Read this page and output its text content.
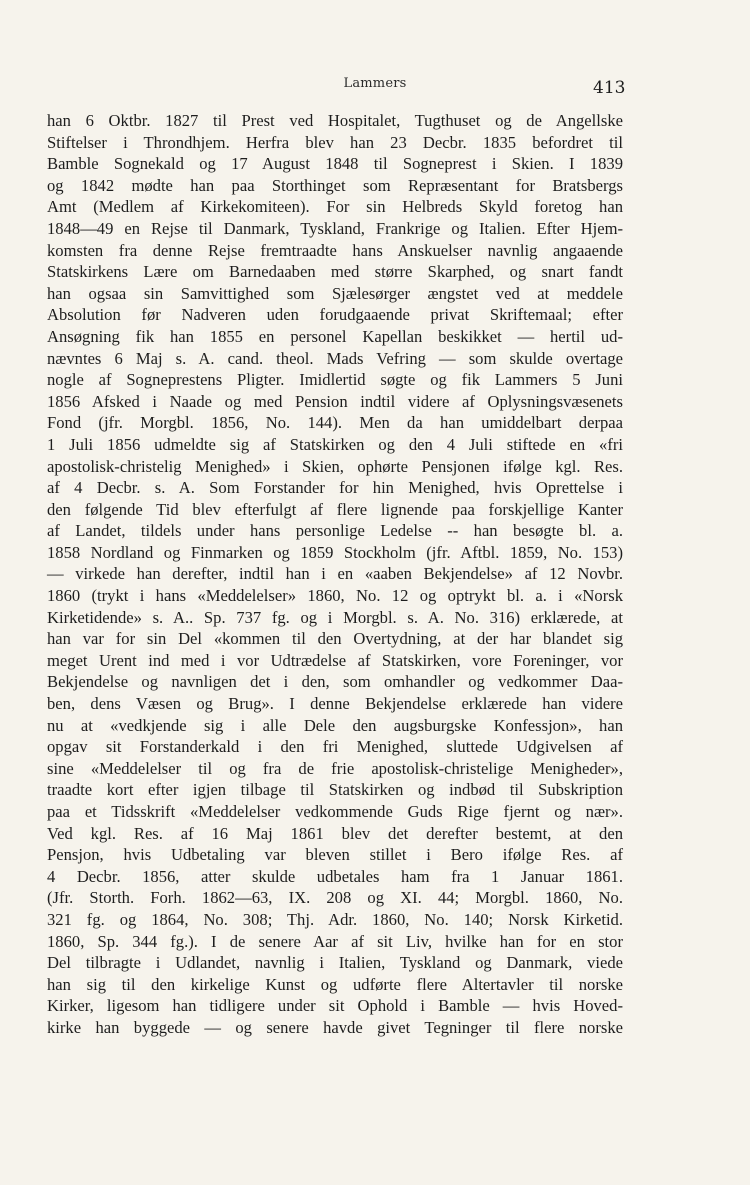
Lammers	413
han 6 Oktbr. 1827 til Prest ved Hospitalet, Tugthuset og de Angellske
Stiftelser i Throndhjem. Herfra blev han 23 Decbr. 1835 befordret til
Bamble Sognekald og 17 August 1848 til Sogneprest i Skien. I 1839
og 1842 mødte han paa Storthinget som Repræsentant for Bratsbergs
Amt (Medlem af Kirkekomiteen). For sin Helbreds Skyld foretog han
1848—49 en Rejse til Danmark, Tyskland, Frankrige og Italien. Efter Hjem-
komsten fra denne Rejse fremtraadte hans Anskuelser navnlig angaaende
Statskirkens Lære om Barnedaaben med større Skarphed, og snart fandt
han ogsaa sin Samvittighed som Sjælesørger ængstet ved at meddele
Absolution før Nadveren uden forudgaaende privat Skriftemaal; efter
Ansøgning fik han 1855 en personel Kapellan beskikket — hertil ud-
nævntes 6 Maj s. A. cand. theol. Mads Vefring — som skulde overtage
nogle af Sogneprestens Pligter. Imidlertid søgte og fik Lammers 5 Juni
1856 Afsked i Naade og med Pension indtil videre af Oplysningsvæsenets
Fond (jfr. Morgbl. 1856, No. 144). Men da han umiddelbart derpaa
1 Juli 1856 udmeldte sig af Statskirken og den 4 Juli stiftede en «fri
apostolisk-christelig Menighed» i Skien, ophørte Pensjonen ifølge kgl. Res.
af 4 Decbr. s. A. Som Forstander for hin Menighed, hvis Oprettelse i
den følgende Tid blev efterfulgt af flere lignende paa forskjellige Kanter
af Landet, tildels under hans personlige Ledelse -- han besøgte bl. a.
1858 Nordland og Finmarken og 1859 Stockholm (jfr. Aftbl. 1859, No. 153)
— virkede han derefter, indtil han i en «aaben Bekjendelse» af 12 Novbr.
1860 (trykt i hans «Meddelelser» 1860, No. 12 og optrykt bl. a. i «Norsk
Kirketidende» s. A.. Sp. 737 fg. og i Morgbl. s. A. No. 316) erklærede, at
han var for sin Del «kommen til den Overtydning, at der har blandet sig
meget Urent ind med i vor Udtrædelse af Statskirken, vore Foreninger, vor
Bekjendelse og navnligen det i den, som omhandler og vedkommer Daa-
ben, dens Væsen og Brug». I denne Bekjendelse erklærede han videre
nu at «vedkjende sig i alle Dele den augsburgske Konfessjon», han
opgav sit Forstanderkald i den fri Menighed, sluttede Udgivelsen af
sine «Meddelelser til og fra de frie apostolisk-christelige Menigheder»,
traadte kort efter igjen tilbage til Statskirken og indbød til Subskription
paa et Tidsskrift «Meddelelser vedkommende Guds Rige fjernt og nær».
Ved kgl. Res. af 16 Maj 1861 blev det derefter bestemt, at den
Pensjon, hvis Udbetaling var bleven stillet i Bero ifølge Res. af
4 Decbr. 1856, atter skulde udbetales ham fra 1 Januar 1861.
(Jfr. Storth. Forh. 1862—63, IX. 208 og XI. 44; Morgbl. 1860, No.
321 fg. og 1864, No. 308; Thj. Adr. 1860, No. 140; Norsk Kirketid.
1860, Sp. 344 fg.). I de senere Aar af sit Liv, hvilke han for en stor
Del tilbragte i Udlandet, navnlig i Italien, Tyskland og Danmark, viede
han sig til den kirkelige Kunst og udførte flere Altertavler til norske
Kirker, ligesom han tidligere under sit Ophold i Bamble — hvis Hoved-
kirke han byggede — og senere havde givet Tegninger til flere norske
